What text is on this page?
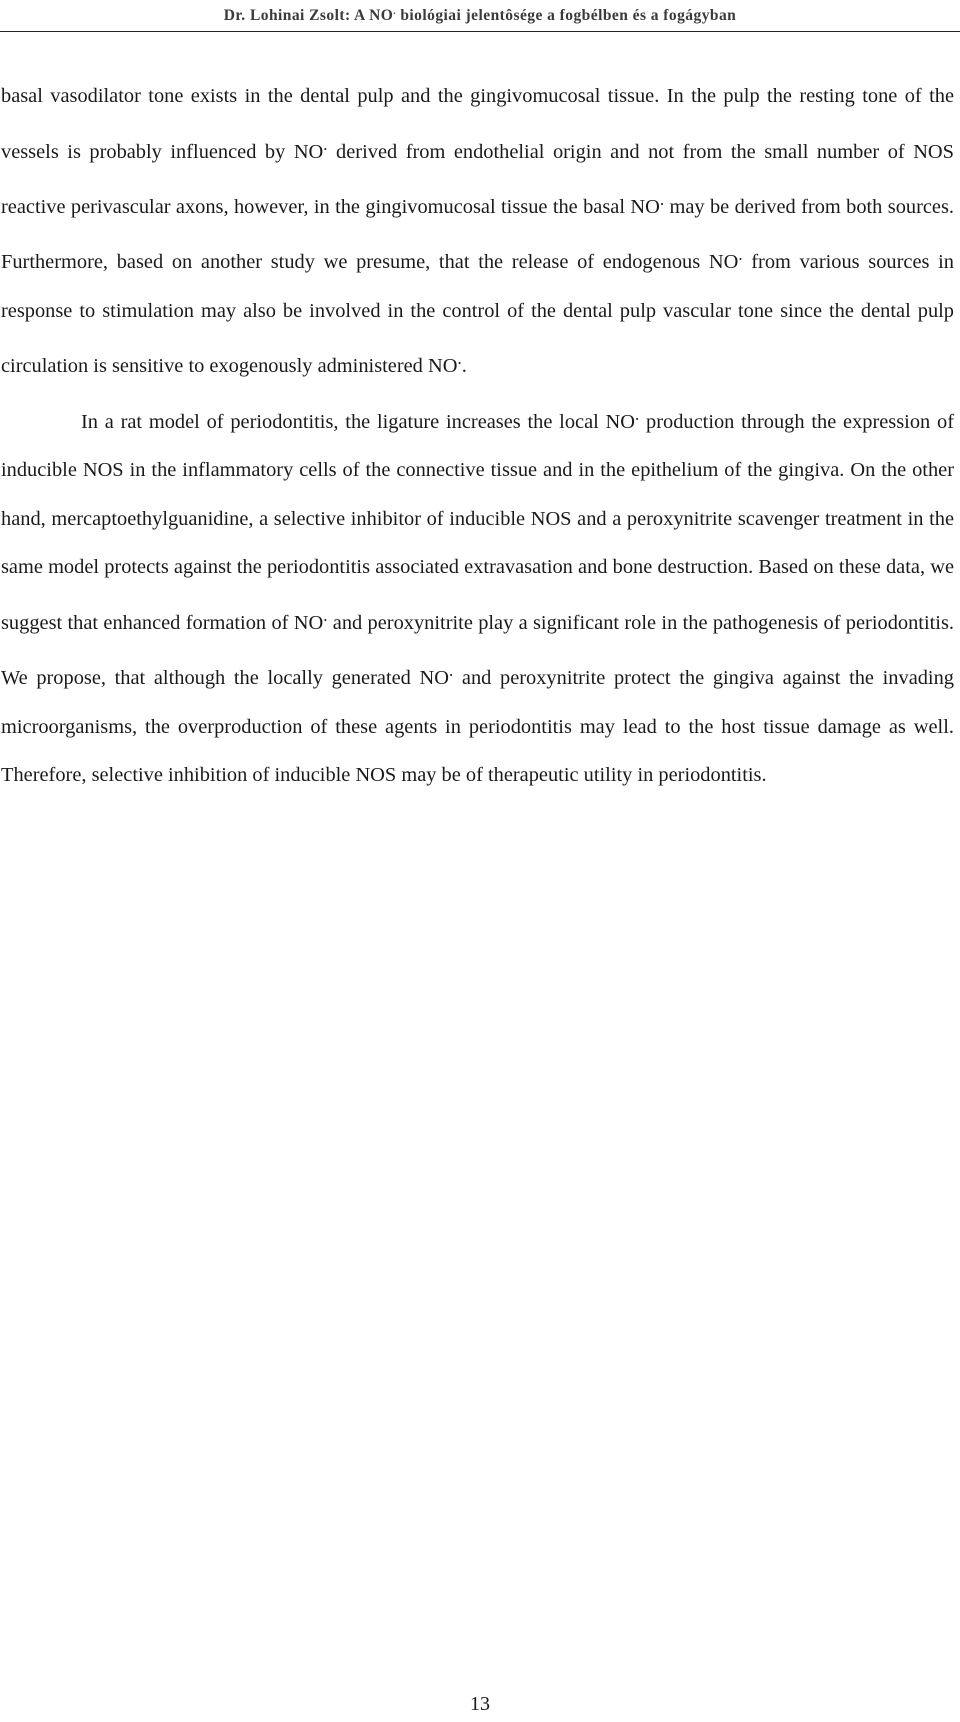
Dr. Lohinai Zsolt: A NO. biológiai jelentôsége a fogbélben és a fogágyban

basal vasodilator tone exists in the dental pulp and the gingivomucosal tissue. In the pulp the resting tone of the vessels is probably influenced by NO. derived from endothelial origin and not from the small number of NOS reactive perivascular axons, however, in the gingivomucosal tissue the basal NO. may be derived from both sources. Furthermore, based on another study we presume, that the release of endogenous NO. from various sources in response to stimulation may also be involved in the control of the dental pulp vascular tone since the dental pulp circulation is sensitive to exogenously administered NO..

In a rat model of periodontitis, the ligature increases the local NO. production through the expression of inducible NOS in the inflammatory cells of the connective tissue and in the epithelium of the gingiva. On the other hand, mercaptoethylguanidine, a selective inhibitor of inducible NOS and a peroxynitrite scavenger treatment in the same model protects against the periodontitis associated extravasation and bone destruction. Based on these data, we suggest that enhanced formation of NO. and peroxynitrite play a significant role in the pathogenesis of periodontitis. We propose, that although the locally generated NO. and peroxynitrite protect the gingiva against the invading microorganisms, the overproduction of these agents in periodontitis may lead to the host tissue damage as well. Therefore, selective inhibition of inducible NOS may be of therapeutic utility in periodontitis.

13
